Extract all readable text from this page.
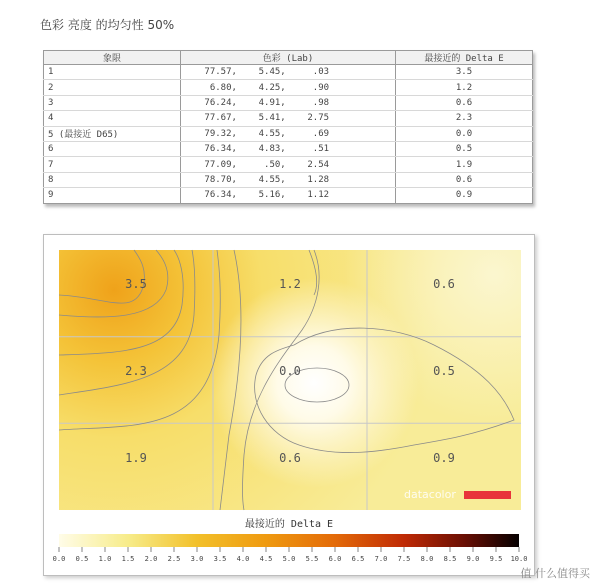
色彩 亮度 的均匀性 50%
象限	色彩 (Lab)	最接近的 Delta E
1	77.57,    5.45,     .03	3.5
2	6.80,    4.25,     .90	1.2
3	76.24,    4.91,     .98	0.6
4	77.67,    5.41,    2.75	2.3
5 (最接近 D65)	79.32,    4.55,     .69	0.0
6	76.34,    4.83,     .51	0.5
7	77.09,     .50,    2.54	1.9
8	78.70,    4.55,    1.28	0.6
9	76.34,    5.16,    1.12	0.9
3.5	1.2	0.6
2.3	0.0	0.5
1.9	0.6	0.9
datacolor
最接近的 Delta E
0.0 0.5 1.0 1.5 2.0 2.5 3.0 3.5 4.0 4.5 5.0 5.5 6.0 6.5 7.0 7.5 8.0 8.5 9.0 9.5 10.0
值 什么值得买
